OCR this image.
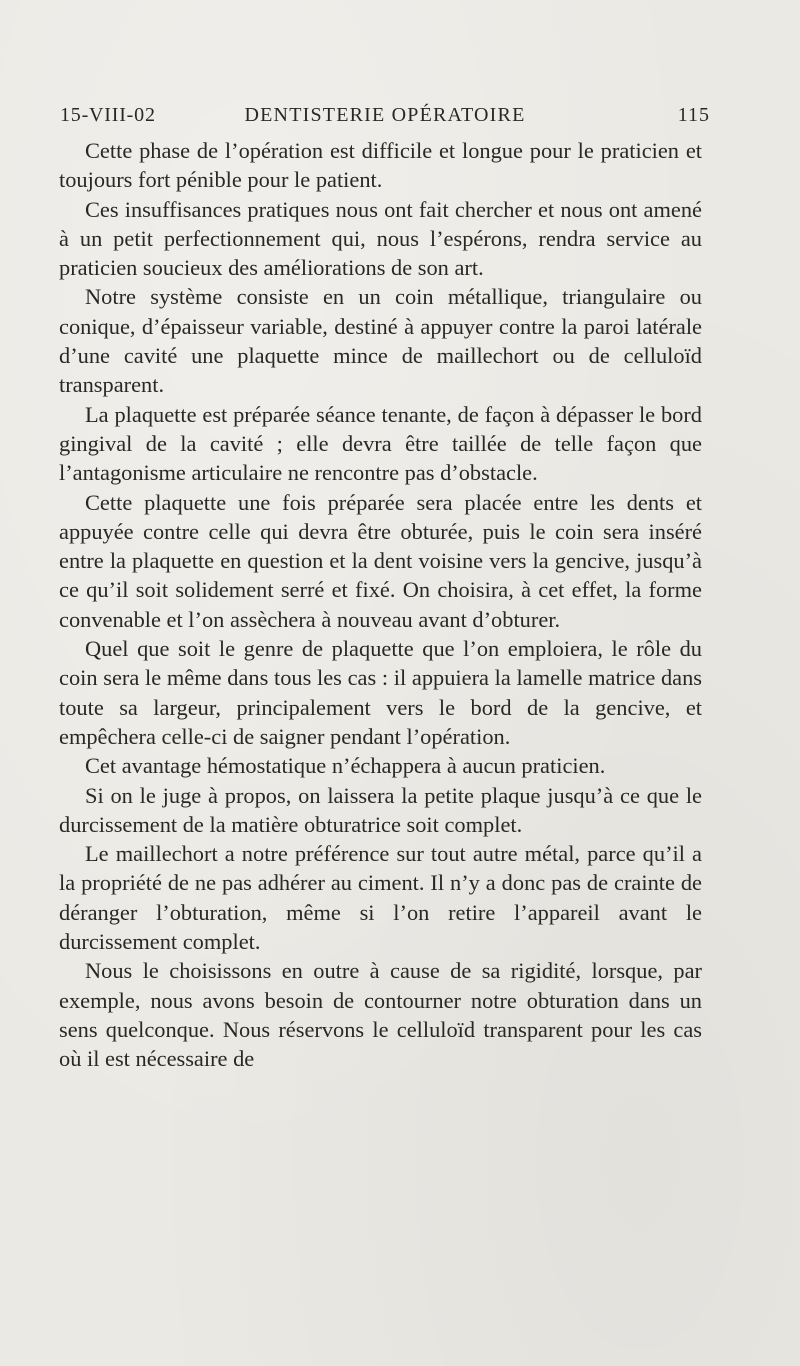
15-VIII-02	DENTISTERIE OPÉRATOIRE	115

Cette phase de l’opération est difficile et longue pour le praticien et toujours fort pénible pour le patient.

Ces insuffisances pratiques nous ont fait chercher et nous ont amené à un petit perfectionnement qui, nous l’espérons, rendra service au praticien soucieux des améliorations de son art.

Notre système consiste en un coin métallique, triangulaire ou conique, d’épaisseur variable, destiné à appuyer contre la paroi latérale d’une cavité une plaquette mince de maillechort ou de celluloïd transparent.

La plaquette est préparée séance tenante, de façon à dépasser le bord gingival de la cavité ; elle devra être taillée de telle façon que l’antagonisme articulaire ne rencontre pas d’obstacle.

Cette plaquette une fois préparée sera placée entre les dents et appuyée contre celle qui devra être obturée, puis le coin sera inséré entre la plaquette en question et la dent voisine vers la gencive, jusqu’à ce qu’il soit solidement serré et fixé. On choisira, à cet effet, la forme convenable et l’on assèchera à nouveau avant d’obturer.

Quel que soit le genre de plaquette que l’on emploiera, le rôle du coin sera le même dans tous les cas : il appuiera la lamelle matrice dans toute sa largeur, principalement vers le bord de la gencive, et empêchera celle-ci de saigner pendant l’opération.

Cet avantage hémostatique n’échappera à aucun praticien.

Si on le juge à propos, on laissera la petite plaque jusqu’à ce que le durcissement de la matière obturatrice soit complet.

Le maillechort a notre préférence sur tout autre métal, parce qu’il a la propriété de ne pas adhérer au ciment. Il n’y a donc pas de crainte de déranger l’obturation, même si l’on retire l’appareil avant le durcissement complet.

Nous le choisissons en outre à cause de sa rigidité, lorsque, par exemple, nous avons besoin de contourner notre obturation dans un sens quelconque. Nous réservons le celluloïd transparent pour les cas où il est nécessaire de
